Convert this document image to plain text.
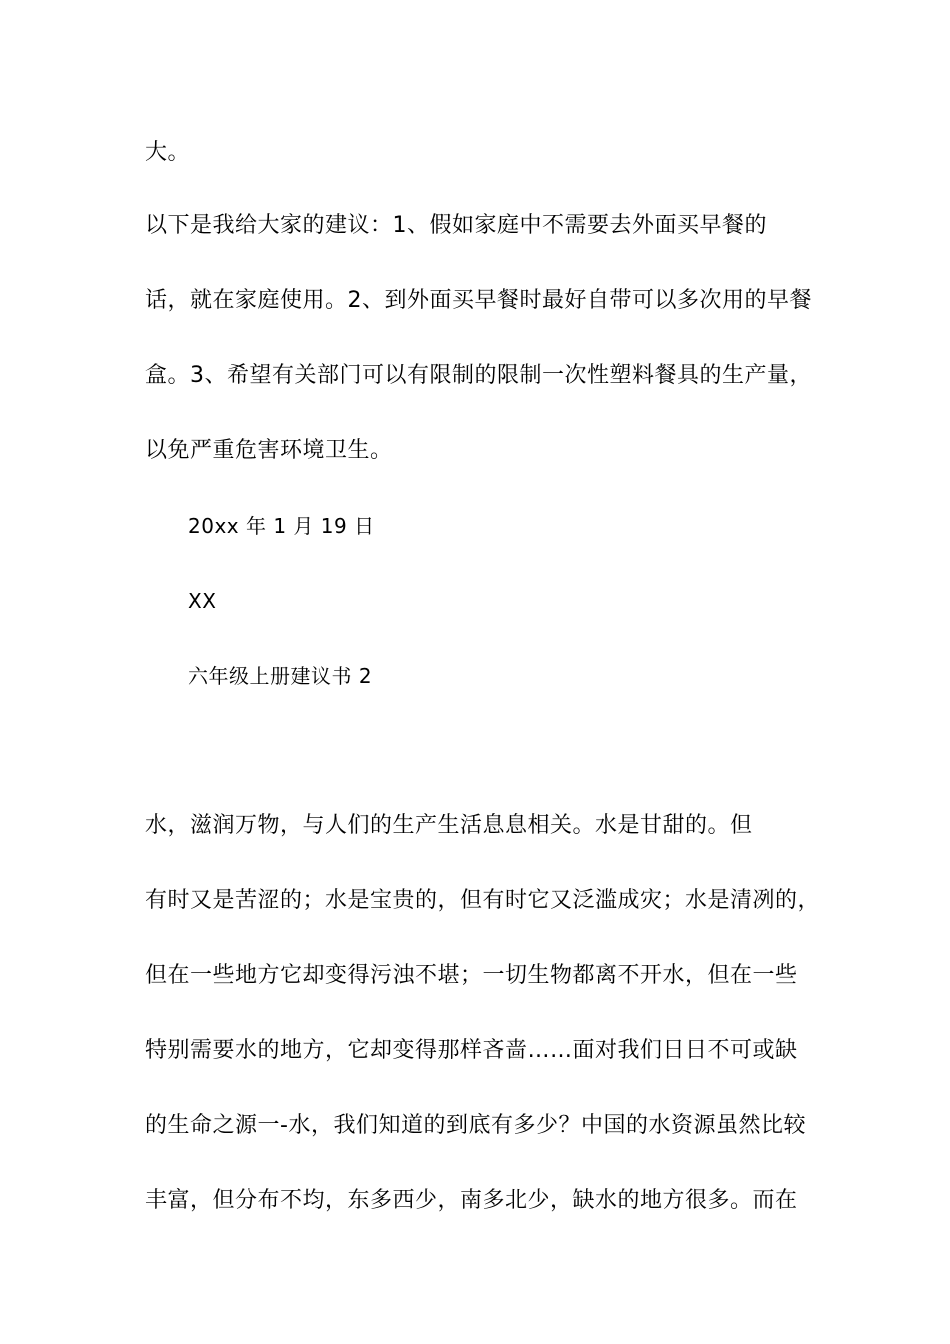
大。

以下是我给大家的建议：1、假如家庭中不需要去外面买早餐的

话，就在家庭使用。2、到外面买早餐时最好自带可以多次用的早餐

盒。3、希望有关部门可以有限制的限制一次性塑料餐具的生产量，

以免严重危害环境卫生。

20xx 年 1 月 19 日

XX

六年级上册建议书 2

水，滋润万物，与人们的生产生活息息相关。水是甘甜的。但

有时又是苦涩的；水是宝贵的，但有时它又泛滥成灾；水是清冽的，

但在一些地方它却变得污浊不堪；一切生物都离不开水，但在一些

特别需要水的地方，它却变得那样吝啬……面对我们日日不可或缺

的生命之源一-水，我们知道的到底有多少？中国的水资源虽然比较

丰富，但分布不均，东多西少，南多北少，缺水的地方很多。而在
